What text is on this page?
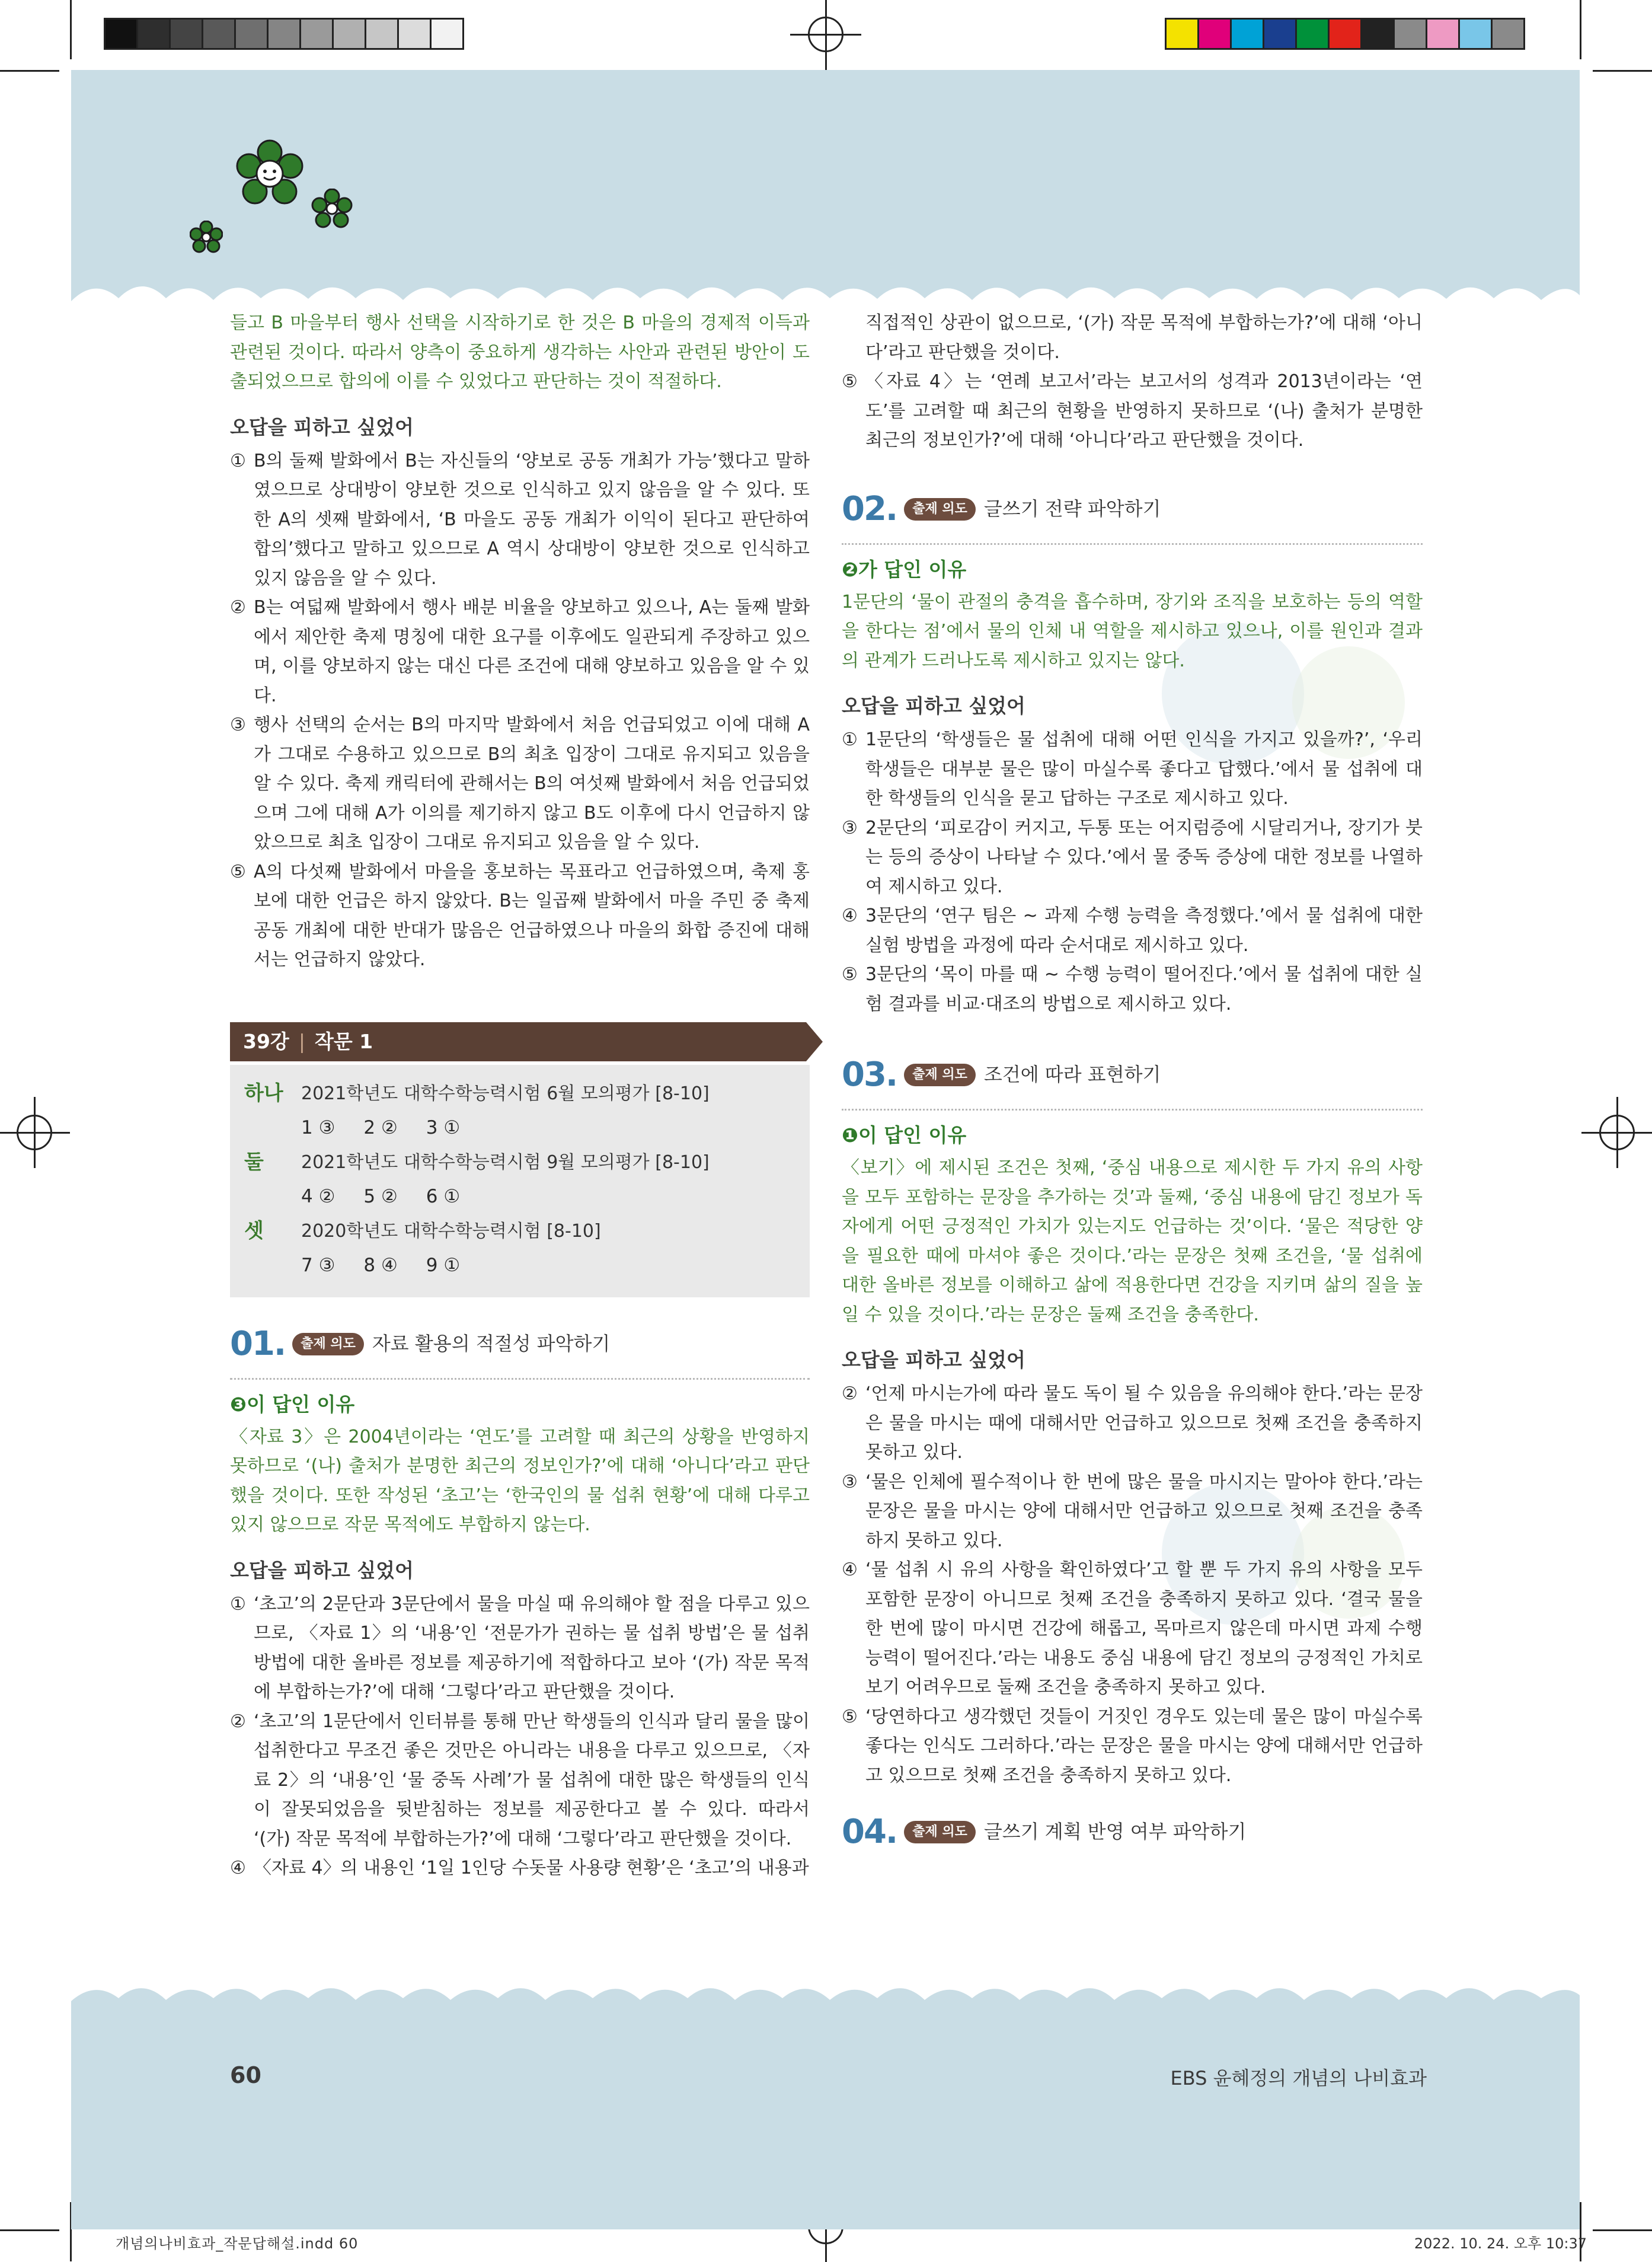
들고 B 마을부터 행사 선택을 시작하기로 한 것은 B 마을의 경제적 이득과 관련된 것이다. 따라서 양측이 중요하게 생각하는 사안과 관련된 방안이 도출되었으므로 합의에 이를 수 있었다고 판단하는 것이 적절하다.

오답을 피하고 싶었어

① B의 둘째 발화에서 B는 자신들의 ‘양보로 공동 개최가 가능’했다고 말하였으므로 상대방이 양보한 것으로 인식하고 있지 않음을 알 수 있다. 또한 A의 셋째 발화에서, ‘B 마을도 공동 개최가 이익이 된다고 판단하여 합의’했다고 말하고 있으므로 A 역시 상대방이 양보한 것으로 인식하고 있지 않음을 알 수 있다.

② B는 여덟째 발화에서 행사 배분 비율을 양보하고 있으나, A는 둘째 발화에서 제안한 축제 명칭에 대한 요구를 이후에도 일관되게 주장하고 있으며, 이를 양보하지 않는 대신 다른 조건에 대해 양보하고 있음을 알 수 있다.

③ 행사 선택의 순서는 B의 마지막 발화에서 처음 언급되었고 이에 대해 A가 그대로 수용하고 있으므로 B의 최초 입장이 그대로 유지되고 있음을 알 수 있다. 축제 캐릭터에 관해서는 B의 여섯째 발화에서 처음 언급되었으며 그에 대해 A가 이의를 제기하지 않고 B도 이후에 다시 언급하지 않았으므로 최초 입장이 그대로 유지되고 있음을 알 수 있다.

⑤ A의 다섯째 발화에서 마을을 홍보하는 목표라고 언급하였으며, 축제 홍보에 대한 언급은 하지 않았다. B는 일곱째 발화에서 마을 주민 중 축제 공동 개최에 대한 반대가 많음은 언급하였으나 마을의 화합 증진에 대해서는 언급하지 않았다.

39강 | 작문 1
하나	2021학년도 대학수학능력시험 6월 모의평가 [8-10]
1 ③ 2 ② 3 ①
둘	2021학년도 대학수학능력시험 9월 모의평가 [8-10]
4 ② 5 ② 6 ①
셋	2020학년도 대학수학능력시험 [8-10]
7 ③ 8 ④ 9 ①
01.	출제 의도 자료 활용의 적절성 파악하기
❸이 답인 이유

〈자료 3〉은 2004년이라는 ‘연도’를 고려할 때 최근의 상황을 반영하지 못하므로 ‘(나) 출처가 분명한 최근의 정보인가?’에 대해 ‘아니다’라고 판단했을 것이다. 또한 작성된 ‘초고’는 ‘한국인의 물 섭취 현황’에 대해 다루고 있지 않으므로 작문 목적에도 부합하지 않는다.

오답을 피하고 싶었어

① ‘초고’의 2문단과 3문단에서 물을 마실 때 유의해야 할 점을 다루고 있으므로, 〈자료 1〉의 ‘내용’인 ‘전문가가 권하는 물 섭취 방법’은 물 섭취 방법에 대한 올바른 정보를 제공하기에 적합하다고 보아 ‘(가) 작문 목적에 부합하는가?’에 대해 ‘그렇다’라고 판단했을 것이다.

② ‘초고’의 1문단에서 인터뷰를 통해 만난 학생들의 인식과 달리 물을 많이 섭취한다고 무조건 좋은 것만은 아니라는 내용을 다루고 있으므로, 〈자료 2〉의 ‘내용’인 ‘물 중독 사례’가 물 섭취에 대한 많은 학생들의 인식이 잘못되었음을 뒷받침하는 정보를 제공한다고 볼 수 있다. 따라서 ‘(가) 작문 목적에 부합하는가?’에 대해 ‘그렇다’라고 판단했을 것이다.

④ 〈자료 4〉의 내용인 ‘1일 1인당 수돗물 사용량 현황’은 ‘초고’의 내용과

직접적인 상관이 없으므로, ‘(가) 작문 목적에 부합하는가?’에 대해 ‘아니다’라고 판단했을 것이다.

⑤ 〈자료 4〉는 ‘연례 보고서’라는 보고서의 성격과 2013년이라는 ‘연도’를 고려할 때 최근의 현황을 반영하지 못하므로 ‘(나) 출처가 분명한 최근의 정보인가?’에 대해 ‘아니다’라고 판단했을 것이다.

02.	출제 의도 글쓰기 전략 파악하기
❷가 답인 이유

1문단의 ‘물이 관절의 충격을 흡수하며, 장기와 조직을 보호하는 등의 역할을 한다는 점’에서 물의 인체 내 역할을 제시하고 있으나, 이를 원인과 결과의 관계가 드러나도록 제시하고 있지는 않다.

오답을 피하고 싶었어

① 1문단의 ‘학생들은 물 섭취에 대해 어떤 인식을 가지고 있을까?’, ‘우리 학생들은 대부분 물은 많이 마실수록 좋다고 답했다.’에서 물 섭취에 대한 학생들의 인식을 묻고 답하는 구조로 제시하고 있다.

③ 2문단의 ‘피로감이 커지고, 두통 또는 어지럼증에 시달리거나, 장기가 붓는 등의 증상이 나타날 수 있다.’에서 물 중독 증상에 대한 정보를 나열하여 제시하고 있다.

④ 3문단의 ‘연구 팀은 ~ 과제 수행 능력을 측정했다.’에서 물 섭취에 대한 실험 방법을 과정에 따라 순서대로 제시하고 있다.

⑤ 3문단의 ‘목이 마를 때 ~ 수행 능력이 떨어진다.’에서 물 섭취에 대한 실험 결과를 비교·대조의 방법으로 제시하고 있다.

03.	출제 의도 조건에 따라 표현하기
❶이 답인 이유

〈보기〉에 제시된 조건은 첫째, ‘중심 내용으로 제시한 두 가지 유의 사항을 모두 포함하는 문장을 추가하는 것’과 둘째, ‘중심 내용에 담긴 정보가 독자에게 어떤 긍정적인 가치가 있는지도 언급하는 것’이다. ‘물은 적당한 양을 필요한 때에 마셔야 좋은 것이다.’라는 문장은 첫째 조건을, ‘물 섭취에 대한 올바른 정보를 이해하고 삶에 적용한다면 건강을 지키며 삶의 질을 높일 수 있을 것이다.’라는 문장은 둘째 조건을 충족한다.

오답을 피하고 싶었어

② ‘언제 마시는가에 따라 물도 독이 될 수 있음을 유의해야 한다.’라는 문장은 물을 마시는 때에 대해서만 언급하고 있으므로 첫째 조건을 충족하지 못하고 있다.

③ ‘물은 인체에 필수적이나 한 번에 많은 물을 마시지는 말아야 한다.’라는 문장은 물을 마시는 양에 대해서만 언급하고 있으므로 첫째 조건을 충족하지 못하고 있다.

④ ‘물 섭취 시 유의 사항을 확인하였다’고 할 뿐 두 가지 유의 사항을 모두 포함한 문장이 아니므로 첫째 조건을 충족하지 못하고 있다. ‘결국 물을 한 번에 많이 마시면 건강에 해롭고, 목마르지 않은데 마시면 과제 수행 능력이 떨어진다.’라는 내용도 중심 내용에 담긴 정보의 긍정적인 가치로 보기 어려우므로 둘째 조건을 충족하지 못하고 있다.

⑤ ‘당연하다고 생각했던 것들이 거짓인 경우도 있는데 물은 많이 마실수록 좋다는 인식도 그러하다.’라는 문장은 물을 마시는 양에 대해서만 언급하고 있으므로 첫째 조건을 충족하지 못하고 있다.

04.	출제 의도 글쓰기 계획 반영 여부 파악하기
60	EBS 윤혜정의 개념의 나비효과
개념의나비효과_작문답해설.indd 60	2022. 10. 24. 오후 10:37
